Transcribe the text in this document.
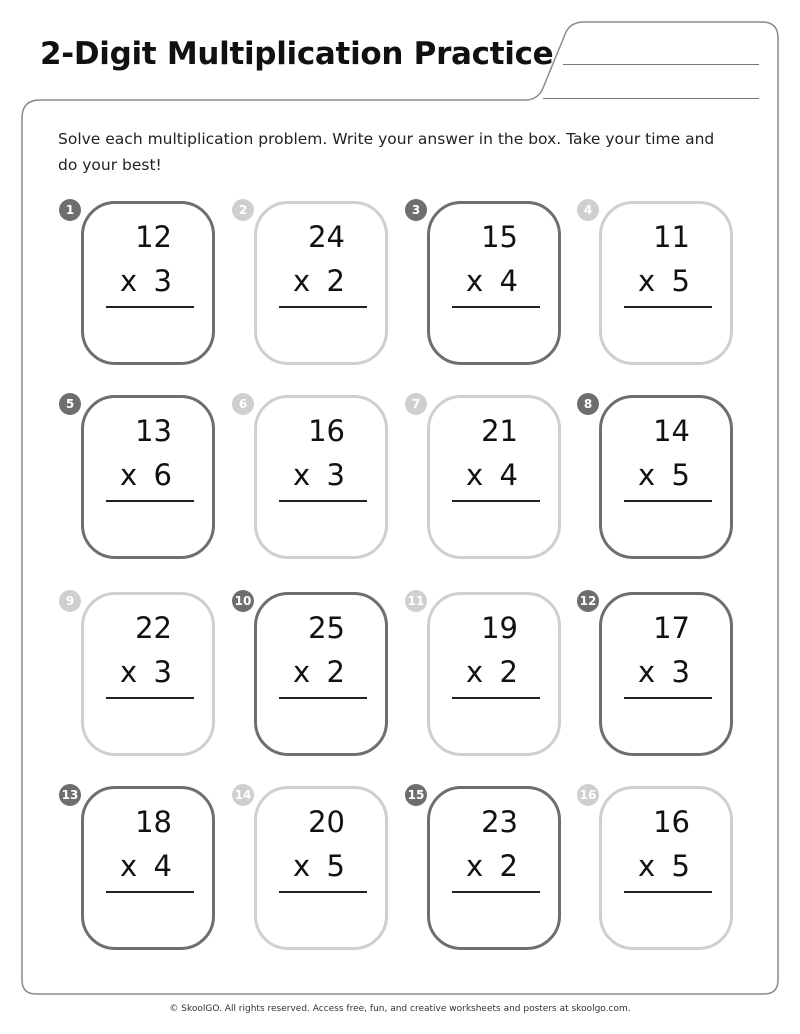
2-Digit Multiplication Practice
Solve each multiplication problem. Write your answer in the box. Take your time and do your best!
12
x 3
1
24
x 2
2
15
x 4
3
11
x 5
4
13
x 6
5
16
x 3
6
21
x 4
7
14
x 5
8
22
x 3
9
25
x 2
10
19
x 2
11
17
x 3
12
18
x 4
13
20
x 5
14
23
x 2
15
16
x 5
16
© SkoolGO. All rights reserved. Access free, fun, and creative worksheets and posters at skoolgo.com.
